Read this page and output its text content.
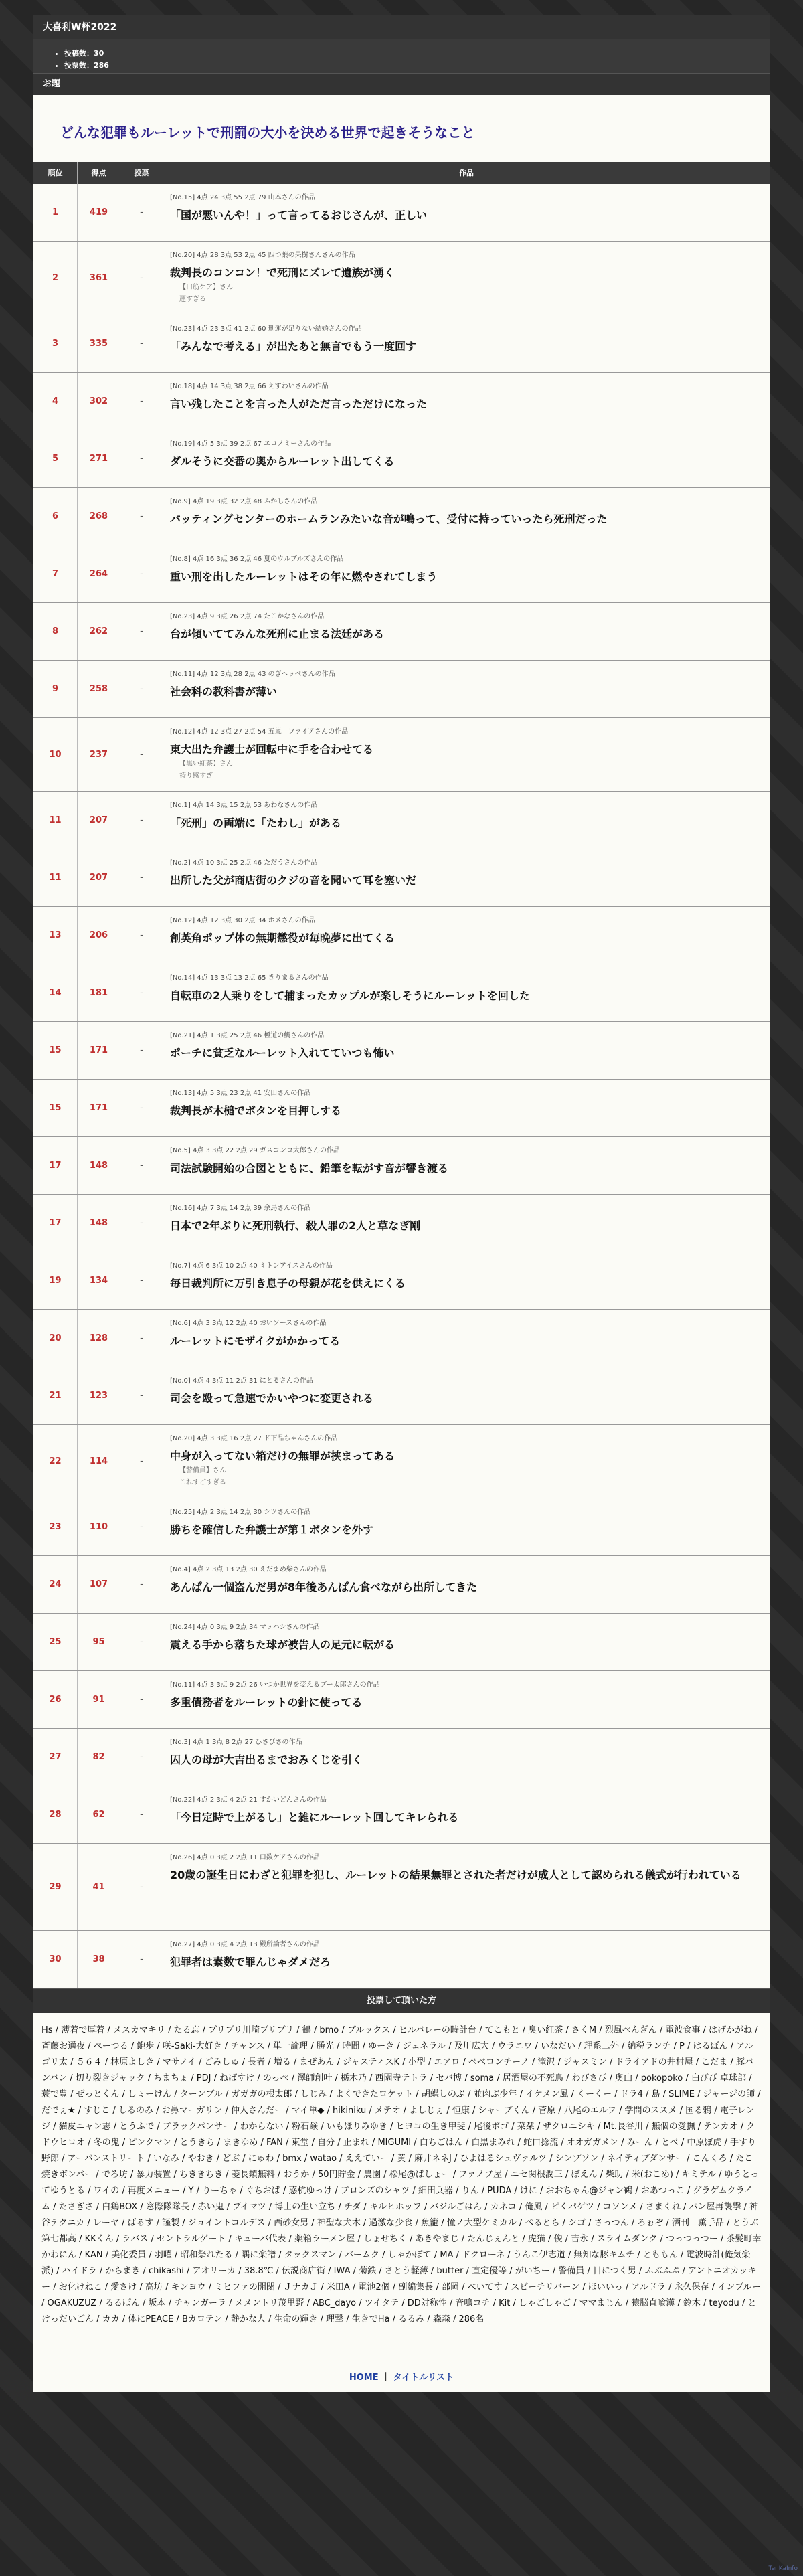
大喜利W杯2022
• 投稿数：30
• 投票数：286
お題
どんな犯罪もルーレットで刑罰の大小を決める世界で起きそうなこと
順位	得点	投票	作品
1	419	-
[No.15] 4点 24 3点 55 2点 79 山本さんの作品
「国が悪いんや！」って言ってるおじさんが、正しい
2	361	-
[No.20] 4点 28 3点 53 2点 45 四つ葉の果樹さんさんの作品
裁判長のコンコン！で死刑にズレて遺族が湧く
【口筋ケア】さん
運すぎる
3	335	-
[No.23] 4点 23 3点 41 2点 60 刑運が足りない結婚さんの作品
「みんなで考える」が出たあと無言でもう一度回す
4	302	-
[No.18] 4点 14 3点 38 2点 66 えすわいさんの作品
言い残したことを言った人がただ言っただけになった
5	271	-
[No.19] 4点 5 3点 39 2点 67 エコノミーさんの作品
ダルそうに交番の奥からルーレット出してくる
6	268	-
[No.9] 4点 19 3点 32 2点 48 ふかしさんの作品
バッティングセンターのホームランみたいな音が鳴って、受付に持っていったら死刑だった
7	264	-
[No.8] 4点 16 3点 36 2点 46 夏のウルブルズさんの作品
重い刑を出したルーレットはその年に燃やされてしまう
8	262	-
[No.23] 4点 9 3点 26 2点 74 たこかなさんの作品
台が傾いててみんな死刑に止まる法廷がある
9	258	-
[No.11] 4点 12 3点 28 2点 43 のぎヘッペさんの作品
社会科の教科書が薄い
10	237	-
[No.12] 4点 12 3点 27 2点 54 五嵐　ファイアさんの作品
東大出た弁護士が回転中に手を合わせてる
【黒い紅茶】さん
祷り感すぎ
11	207	-
[No.1] 4点 14 3点 15 2点 53 あわなさんの作品
「死刑」の両端に「たわし」がある
11	207	-
[No.2] 4点 10 3点 25 2点 46 ただうさんの作品
出所した父が商店街のクジの音を聞いて耳を塞いだ
13	206	-
[No.12] 4点 12 3点 30 2点 34 ホメさんの作品
創英角ポップ体の無期懲役が毎晩夢に出てくる
14	181	-
[No.14] 4点 13 3点 13 2点 65 きりまるさんの作品
自転車の2人乗りをして捕まったカップルが楽しそうにルーレットを回した
15	171	-
[No.21] 4点 1 3点 25 2点 46 極道の鯛さんの作品
ポーチに貧乏なルーレット入れてていつも怖い
15	171	-
[No.13] 4点 5 3点 23 2点 41 安田さんの作品
裁判長が木槌でボタンを目押しする
17	148	-
[No.5] 4点 3 3点 22 2点 29 ガスコンロ太郎さんの作品
司法試験開始の合図とともに、鉛筆を転がす音が響き渡る
17	148	-
[No.16] 4点 7 3点 14 2点 39 余馬さんの作品
日本で2年ぶりに死刑執行、殺人罪の2人と草なぎ剛
19	134	-
[No.7] 4点 6 3点 10 2点 40 ミトンアイスさんの作品
毎日裁判所に万引き息子の母親が花を供えにくる
20	128	-
[No.6] 4点 3 3点 12 2点 40 おいソースさんの作品
ルーレットにモザイクがかかってる
21	123	-
[No.0] 4点 4 3点 11 2点 31 にとるさんの作品
司会を殴って急速でかいやつに変更される
22	114	-
[No.20] 4点 3 3点 16 2点 27 ド下品ちゃんさんの作品
中身が入ってない箱だけの無罪が挟まってある
【警備員】さん
これすごすぎる
23	110	-
[No.25] 4点 2 3点 14 2点 30 シツさんの作品
勝ちを確信した弁護士が第１ボタンを外す
24	107	-
[No.4] 4点 2 3点 13 2点 30 えだまめ柴さんの作品
あんぱん一個盗んだ男が8年後あんぱん食べながら出所してきた
25	95	-
[No.24] 4点 0 3点 9 2点 34 マッハシさんの作品
震える手から落ちた球が被告人の足元に転がる
26	91	-
[No.11] 4点 3 3点 9 2点 26 いつか世界を変えるブー太郎さんの作品
多重債務者をルーレットの針に使ってる
27	82	-
[No.3] 4点 1 3点 8 2点 27 ひさびさの作品
囚人の母が大吉出るまでおみくじを引く
28	62	-
[No.22] 4点 2 3点 4 2点 21 すかいどんさんの作品
「今日定時で上がるし」と雑にルーレット回してキレられる
29	41	-
[No.26] 4点 0 3点 2 2点 11 口数ケアさんの作品
20歳の誕生日にわざと犯罪を犯し、ルーレットの結果無罪とされた者だけが成人として認められる儀式が行われている
30	38	-
[No.27] 4点 0 3点 4 2点 13 殿所論者さんの作品
犯罪者は素数で罪んじゃダメだろ
投票して頂いた方
Hs / 薄着で厚着 / メスカマキリ / たる忘 / ブリブリ川崎ブリブリ / 鶴 / bmo / ブルックス / ヒルバレーの時計台 / てこもと / 臭い紅茶 / さくM / 烈風ぺんぎん / 電波食事 / はげかがね / 斉藤お通夜 / ぺーつる / 飽歩 / 咲-Saki-大好き / チャンス / 単一論理 / 勝光 / 時間 / ゆーき / ジェネラル / 及川広大 / ウラニワ / いなだい / 理系二外 / 納税ランチ / P / はるぼん / アルゴリ太 / ５６４ / 林原よしき / マサノイ / ごみしゅ / 長者 / 増る / まぜあん / ジャスティスK / 小型 / エアロ / ベベロンチーノ / 滝沢 / ジャスミン / ドライアドの井村屋 / こだま / 豚バンバン / 切り裂きジャック / ちまちょ / PDJ / ねばすけ / のっぺ / 澤師創叶 / 栃木乃 / 西園寺テトラ / セバ博 / soma / 居酒屋の不死鳥 / わびさび / 奥山 / pokopoko / 白びび 卓球部 / 蓑で豊 / ぜっとくん / しょーけん / ターンブル / ガガガの根太郎 / しじみ / よくできたロケット / 胡蝶しのぶ / 並肉ぶ少年 / イケメン風 / くーくー / ドラ4 / 島 / SLIME / ジャージの師 / だでぇ★ / すじこ / しるのみ / お鼻マーガリン / 仲人さんだー / マイ単◆ / hikiniku / メテオ / よしじぇ / 恒康 / シャーブくん / 菅原 / 八尾のエルフ / 学問のススメ / 国る鴉 / 電子レンジ / 猫皮ニャン志 / とうふで / ブラックパンサー / わからない / 粉石鹸 / いもほりみゆき / ヒヨコの生き甲斐 / 尾後ボゴ / 菜栞 / ザクロニシキ / Mt.長谷川 / 無個の愛撫 / テンカオ / クドウヒロオ / 冬の鬼 / ピンクマン / とうきち / まきゆめ / FAN / 東堂 / 自分 / 止まれ / MIGUMI / 白ちごはん / 白黒まみれ / 蛇口捻流 / オオガガメン / みーん / とべ / 中原ぼ虎 / 手すり野郎 / アーバンストリート / いなみ / やおき / どぶ / にゅわ / bmx / watao / ええていー / 黄 / 麻井ネネJ / ひよはるシュヴァルツ / シンプソン / ネイティブダンサー / こんくろ / たこ焼きボンバー / でろ坊 / 暴力装置 / ちききちき / 菱長類無料 / おうか / 50円貯金 / 農園 / 松尾@ばしょー / ファノプ屋 / ニセ関根潤三 / ぼえん / 柴助 / 米(おこめ) / キミテル / ゆうとってゆうとる / ワイの / 再度メニュー / Y / りーちゃ / ぐちおば / 惑杭ゆっけ / ブロンズのシャツ / 細田兵器 / りん / PUDA / けに / おおちゃん@ジャン鶴 / おあつっこ / グラゲムクライム / たさぎさ / 白鶏BOX / 窓際隊隊長 / 赤い鬼 / ブイマツ / 博士の生い立ち / チダ / キルヒホッフ / バジルごはん / カネコ / 俺風 / ピくパゲツ / コソンメ / さまくれ / パン屋再襲撃 / 神谷テクニカ / レーヤ / ばるす / 謹製 / ジョイントコルデス / 西砂女男 / 神聖な犬木 / 過激な少食 / 魚籠 / 憧ノ大型ケミカル / ぺるとら / シゴ / さっつん / ろぉぞ / 酒刊　薫手品 / とうぶ第七都高 / KKくん / ラバス / セントラルゲート / キューバ代表 / 薬箱ラーメン屋 / しょせちく / あきやまじ / たんじぇんと / 虎猫 / 俊 / 吉永 / スライムダンク / つっつっつー / 茶髪町幸かわにん / KAN / 美化委員 / 羽曜 / 昭和祭れたる / 隅に楽譜 / タックスマン / バームク / しゃかぽて / MA / ドクローネ / うんこ伊志道 / 無知な豚キムチ / とももん / 電波時計(俺気楽派) / ハイドラ / からまき / chikashi / アオリーカ / 38.8℃ / 伝説商店街 / IWA / 菊鉄 / さとう軽薄 / butter / 直定優等 / がいちー / 警備員 / 目につく男 / ふぶふぶ / アントニオカッキー / お化けねこ / 愛さけ / 高坊 / キンヨウ / ミヒファの開閉 / ＪナカＪ / 米田A / 電池2個 / 副編集長 / 部岡 / べいてす / スピーチリバーン / ほいいっ / アルドラ / 永久保存 / インブルー / OGAKUZUZ / るるぽん / 坂本 / チャンガーラ / メメントリ茂里野 / ABC_dayo / ツイタテ / DD対称性 / 音鳴コチ / Kit / しゃごしゃご / ママまじん / 猿脳直喰漢 / 鈴木 / teyodu / とけっだいごん / カカ / 体にPEACE / Bカロテン / 静かな人 / 生命の輝き / 理撃 / 生きでHa / るるみ / 森森 / 286名
HOME ｜ タイトルリスト
TenKaInfo
